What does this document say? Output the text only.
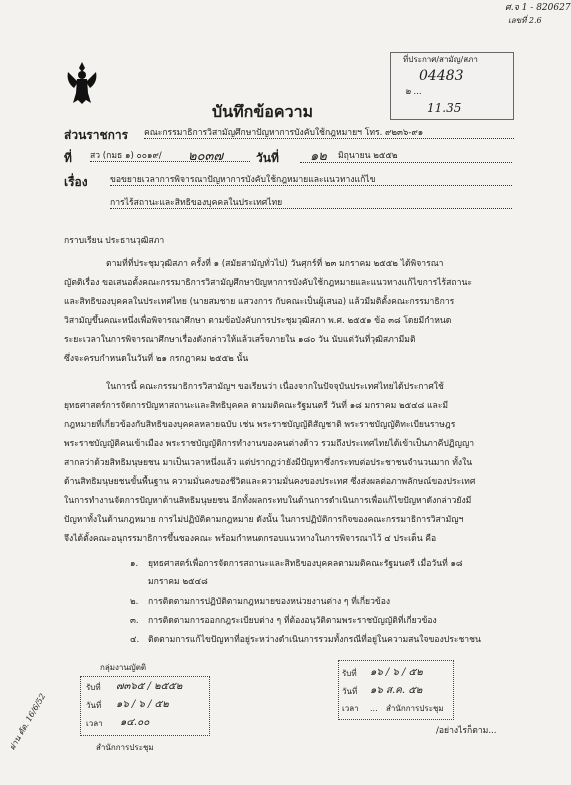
ศ.จ 1 - 820627
เลขที่ 2.6
ที่ประกาศ/สามัญ/สภา
04483
๒ ...
11.35
บันทึกข้อความ
ส่วนราชการ คณะกรรมาธิการวิสามัญศึกษาปัญหาการบังคับใช้กฎหมายฯ โทร. ๙๒๓๖-๙๑
ที่ สว (กมธ ๑) ๐๐๑๙/	๒๐๓๗	วันที่ ๑๒ มิถุนายน ๒๕๕๒
เรื่อง	ขอขยายเวลาการพิจารณาปัญหาการบังคับใช้กฎหมายและแนวทางแก้ไข
การไร้สถานะและสิทธิของบุคคลในประเทศไทย
กราบเรียน ประธานวุฒิสภา
ตามที่ที่ประชุมวุฒิสภา ครั้งที่ ๑ (สมัยสามัญทั่วไป) วันศุกร์ที่ ๒๓ มกราคม ๒๕๕๒ ได้พิจารณา
ญัตติเรื่อง ขอเสนอตั้งคณะกรรมาธิการวิสามัญศึกษาปัญหาการบังคับใช้กฎหมายและแนวทางแก้ไขการไร้สถานะ
และสิทธิของบุคคลในประเทศไทย (นายสมชาย แสวงการ กับคณะเป็นผู้เสนอ) แล้วมีมติตั้งคณะกรรมาธิการ
วิสามัญขึ้นคณะหนึ่งเพื่อพิจารณาศึกษา ตามข้อบังคับการประชุมวุฒิสภา พ.ศ. ๒๕๕๑ ข้อ ๓๘ โดยมีกำหนด
ระยะเวลาในการพิจารณาศึกษาเรื่องดังกล่าวให้แล้วเสร็จภายใน ๑๘๐ วัน นับแต่วันที่วุฒิสภามีมติ
ซึ่งจะครบกำหนดในวันที่ ๒๑ กรกฎาคม ๒๕๕๒ นั้น
ในการนี้ คณะกรรมาธิการวิสามัญฯ ขอเรียนว่า เนื่องจากในปัจจุบันประเทศไทยได้ประกาศใช้
ยุทธศาสตร์การจัดการปัญหาสถานะและสิทธิบุคคล ตามมติคณะรัฐมนตรี วันที่ ๑๘ มกราคม ๒๕๔๘ และมี
กฎหมายที่เกี่ยวข้องกับสิทธิของบุคคลหลายฉบับ เช่น พระราชบัญญัติสัญชาติ พระราชบัญญัติทะเบียนราษฎร
พระราชบัญญัติคนเข้าเมือง พระราชบัญญัติการทำงานของคนต่างด้าว รวมถึงประเทศไทยได้เข้าเป็นภาคีปฏิญญา
สากลว่าด้วยสิทธิมนุษยชน มาเป็นเวลาหนึ่งแล้ว แต่ปรากฏว่ายังมีปัญหาซึ่งกระทบต่อประชาชนจำนวนมาก ทั้งใน
ด้านสิทธิมนุษยชนขั้นพื้นฐาน ความมั่นคงของชีวิตและความมั่นคงของประเทศ ซึ่งส่งผลต่อภาพลักษณ์ของประเทศ
ในการทำงานจัดการปัญหาด้านสิทธิมนุษยชน อีกทั้งผลกระทบในด้านการดำเนินการเพื่อแก้ไขปัญหาดังกล่าวยังมี
ปัญหาทั้งในด้านกฎหมาย การไม่ปฏิบัติตามกฎหมาย ดังนั้น ในการปฏิบัติการกิจของคณะกรรมาธิการวิสามัญฯ
จึงได้ตั้งคณะอนุกรรมาธิการขึ้นชองคณะ พร้อมกำหนดกรอบแนวทางในการพิจารณาไว้ ๔ ประเด็น คือ
๑. ยุทธศาสตร์เพื่อการจัดการสถานะและสิทธิของบุคคลตามมติคณะรัฐมนตรี เมื่อวันที่ ๑๘
มกราคม ๒๕๔๘
๒. การติดตามการปฏิบัติตามกฎหมายของหน่วยงานต่าง ๆ ที่เกี่ยวข้อง
๓. การติดตามการออกกฎระเบียบต่าง ๆ ที่ต้องอนุวัติตามพระราชบัญญัติที่เกี่ยวข้อง
๔. ติดตามการแก้ไขปัญหาที่อยู่ระหว่างดำเนินการรวมทั้งกรณีที่อยู่ในความสนใจของประชาชน
กลุ่มงานญัตติ
รับที่ ๗๓๖๕ / ๒๕๕๒
วันที่ ๑๖ / ๖ / ๕๒
เวลา ๑๔.๐๐
สำนักการประชุม
รับที่ ๑๖ / ๖ / ๕๒
วันที่ ๑๖ ส.ค. ๕๒
เวลา ... สำนักการประชุม
/อย่างไรก็ตาม...
ผ่าน ตัด. 16/6/52
